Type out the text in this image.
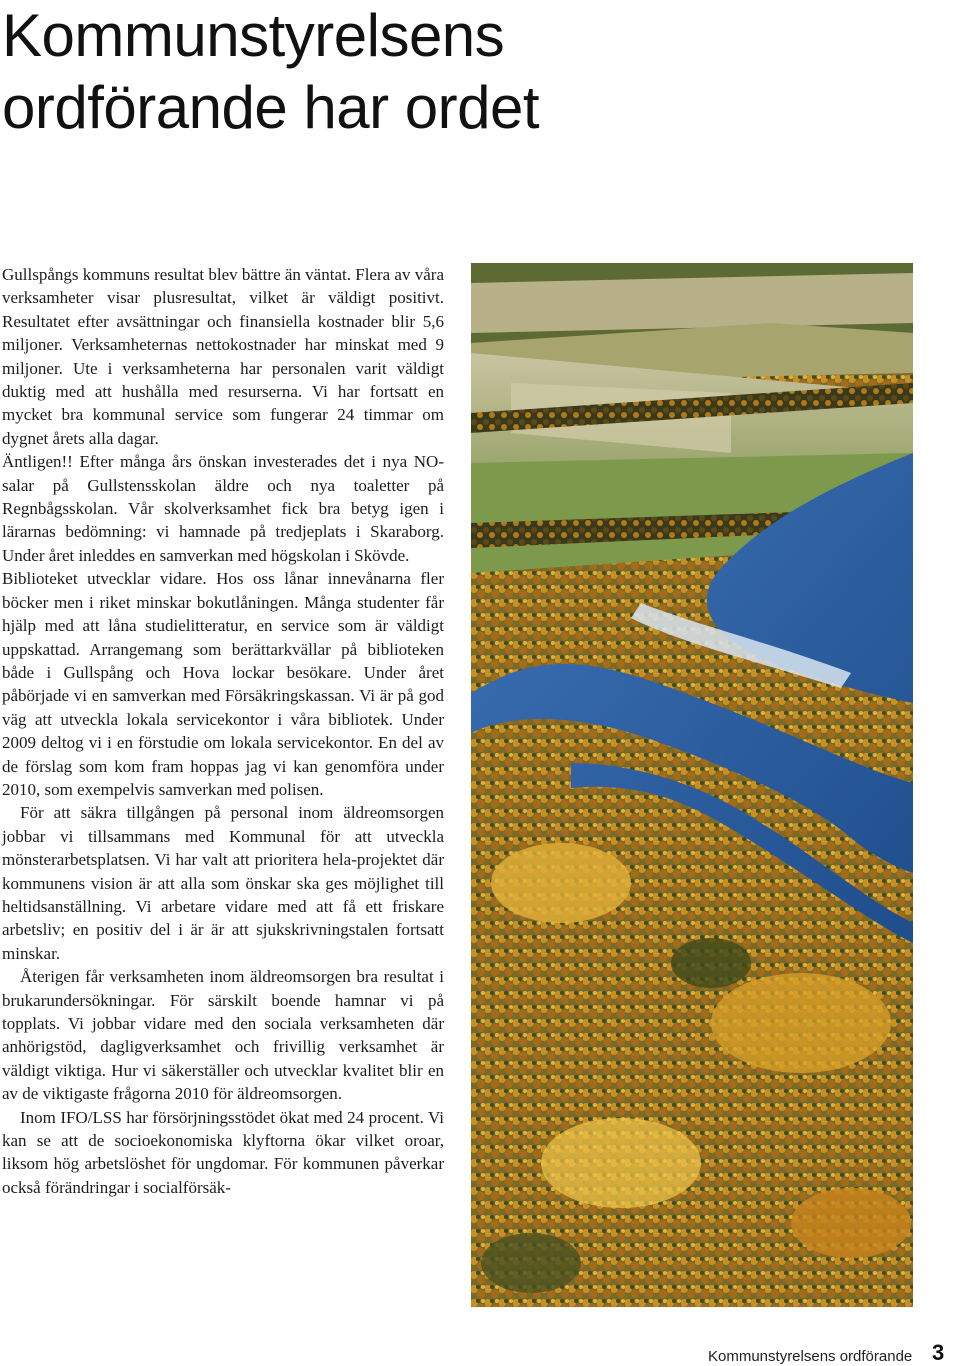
Kommunstyrelsens
ordförande har ordet

Gullspångs kommuns resultat blev bättre än väntat. Flera av våra verksamheter visar plusresultat, vilket är väldigt positivt. Resultatet efter avsättningar och finansiella kostnader blir 5,6 miljoner. Verksamheternas nettokostnader har minskat med 9 miljoner. Ute i verksamheterna har personalen varit väldigt duktig med att hushålla med resurserna. Vi har fortsatt en mycket bra kommunal service som fungerar 24 timmar om dygnet årets alla dagar.

Äntligen!! Efter många års önskan investerades det i nya NO-salar på Gullstensskolan äldre och nya toaletter på Regnbågsskolan. Vår skolverksamhet fick bra betyg igen i lärarnas bedömning: vi hamnade på tredjeplats i Skaraborg. Under året inleddes en samverkan med högskolan i Skövde.

Biblioteket utvecklar vidare. Hos oss lånar innevånarna fler böcker men i riket minskar bokutlåningen. Många studenter får hjälp med att låna studielitteratur, en service som är väldigt uppskattad. Arrangemang som berättarkvällar på biblioteken både i Gullspång och Hova lockar besökare. Under året påbörjade vi en samverkan med Försäkringskassan. Vi är på god väg att utveckla lokala servicekontor i våra bibliotek. Under 2009 deltog vi i en förstudie om lokala servicekontor. En del av de förslag som kom fram hoppas jag vi kan genomföra under 2010, som exempelvis samverkan med polisen.

För att säkra tillgången på personal inom äldreomsorgen jobbar vi tillsammans med Kommunal för att utveckla mönsterarbetsplatsen. Vi har valt att prioritera hela-projektet där kommunens vision är att alla som önskar ska ges möjlighet till heltidsanställning. Vi arbetare vidare med att få ett friskare arbetsliv; en positiv del i är är att sjukskrivningstalen fortsatt minskar.

Återigen får verksamheten inom äldreomsorgen bra resultat i brukarundersökningar. För särskilt boende hamnar vi på topplats. Vi jobbar vidare med den sociala verksamheten där anhörigstöd, dagligverksamhet och frivillig verksamhet är väldigt viktiga. Hur vi säkerställer och utvecklar kvalitet blir en av de viktigaste frågorna 2010 för äldreomsorgen.

Inom IFO/LSS har försörjningsstödet ökat med 24 procent. Vi kan se att de socioekonomiska klyftorna ökar vilket oroar, liksom hög arbetslöshet för ungdomar. För kommunen påverkar också förändringar i socialförsäk-

Kommunstyrelsens ordförande 3
